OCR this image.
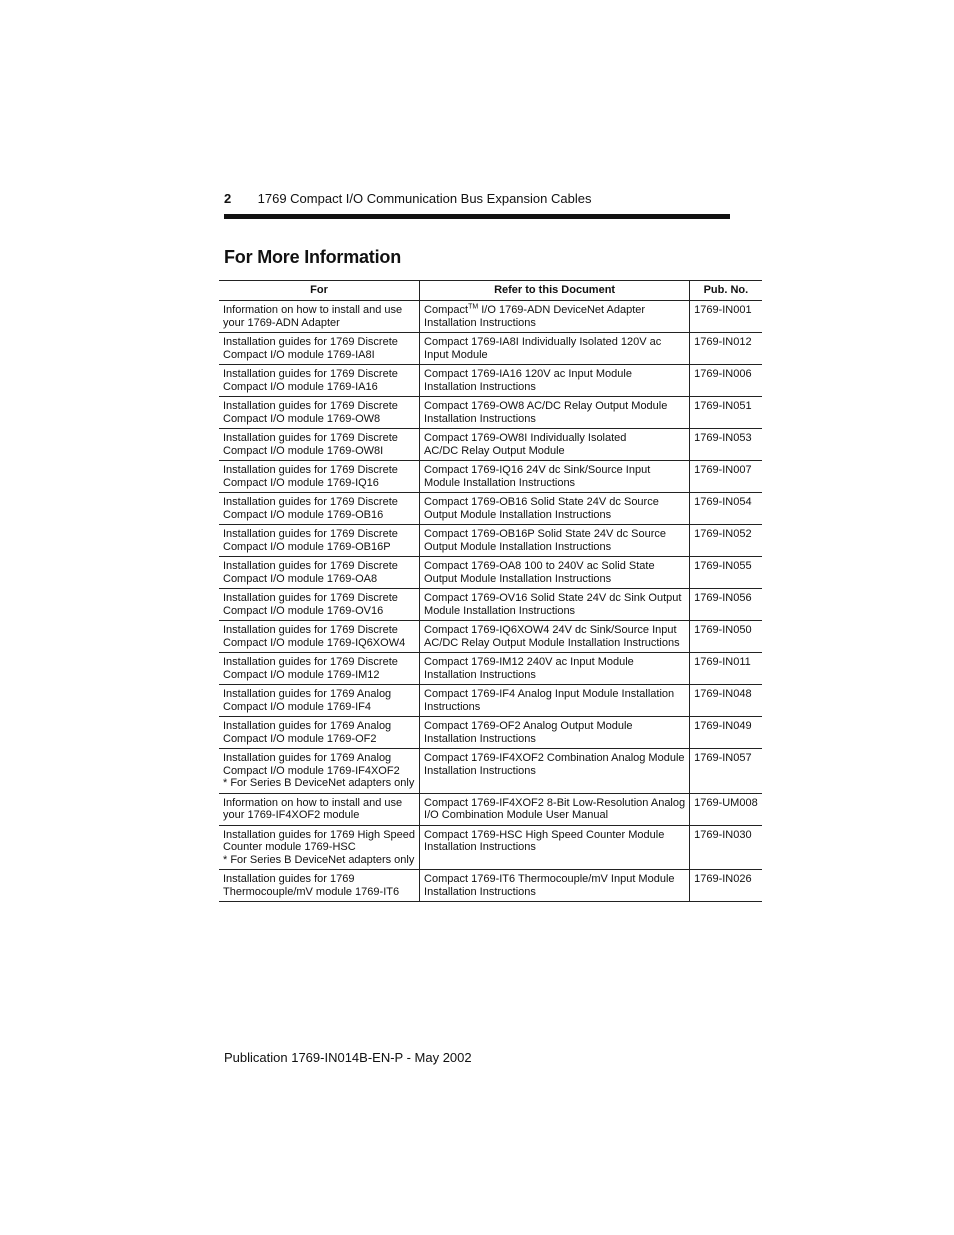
2 1769 Compact I/O Communication Bus Expansion Cables
For More Information
For	Refer to this Document	Pub. No.

Information on how to install and use
your 1769-ADN Adapter	Compact™ I/O 1769-ADN DeviceNet Adapter
Installation Instructions	1769-IN001

Installation guides for 1769 Discrete
Compact I/O module 1769-IA8I	Compact 1769-IA8I Individually Isolated 120V ac
Input Module	1769-IN012

Installation guides for 1769 Discrete
Compact I/O module 1769-IA16	Compact 1769-IA16 120V ac Input Module
Installation Instructions	1769-IN006

Installation guides for 1769 Discrete
Compact I/O module 1769-OW8	Compact 1769-OW8 AC/DC Relay Output Module
Installation Instructions	1769-IN051

Installation guides for 1769 Discrete
Compact I/O module 1769-OW8I	Compact 1769-OW8I Individually Isolated
AC/DC Relay Output Module	1769-IN053

Installation guides for 1769 Discrete
Compact I/O module 1769-IQ16	Compact 1769-IQ16 24V dc Sink/Source Input
Module Installation Instructions	1769-IN007

Installation guides for 1769 Discrete
Compact I/O module 1769-OB16	Compact 1769-OB16 Solid State 24V dc Source
Output Module Installation Instructions	1769-IN054

Installation guides for 1769 Discrete
Compact I/O module 1769-OB16P	Compact 1769-OB16P Solid State 24V dc Source
Output Module Installation Instructions	1769-IN052

Installation guides for 1769 Discrete
Compact I/O module 1769-OA8	Compact 1769-OA8 100 to 240V ac Solid State
Output Module Installation Instructions	1769-IN055

Installation guides for 1769 Discrete
Compact I/O module 1769-OV16	Compact 1769-OV16 Solid State 24V dc Sink Output
Module Installation Instructions	1769-IN056

Installation guides for 1769 Discrete
Compact I/O module 1769-IQ6XOW4	Compact 1769-IQ6XOW4 24V dc Sink/Source Input
AC/DC Relay Output Module Installation Instructions	1769-IN050

Installation guides for 1769 Discrete
Compact I/O module 1769-IM12	Compact 1769-IM12 240V ac Input Module
Installation Instructions	1769-IN011

Installation guides for 1769 Analog
Compact I/O module 1769-IF4	Compact 1769-IF4 Analog Input Module Installation
Instructions	1769-IN048

Installation guides for 1769 Analog
Compact I/O module 1769-OF2	Compact 1769-OF2 Analog Output Module
Installation Instructions	1769-IN049

Installation guides for 1769 Analog
Compact I/O module 1769-IF4XOF2
* For Series B DeviceNet adapters only	Compact 1769-IF4XOF2 Combination Analog Module
Installation Instructions	1769-IN057

Information on how to install and use
your 1769-IF4XOF2 module	Compact 1769-IF4XOF2 8-Bit Low-Resolution Analog
I/O Combination Module User Manual	1769-UM008

Installation guides for 1769 High Speed
Counter module 1769-HSC
* For Series B DeviceNet adapters only	Compact 1769-HSC High Speed Counter Module
Installation Instructions	1769-IN030

Installation guides for 1769
Thermocouple/mV module 1769-IT6	Compact 1769-IT6 Thermocouple/mV Input Module
Installation Instructions	1769-IN026
Publication 1769-IN014B-EN-P - May 2002
